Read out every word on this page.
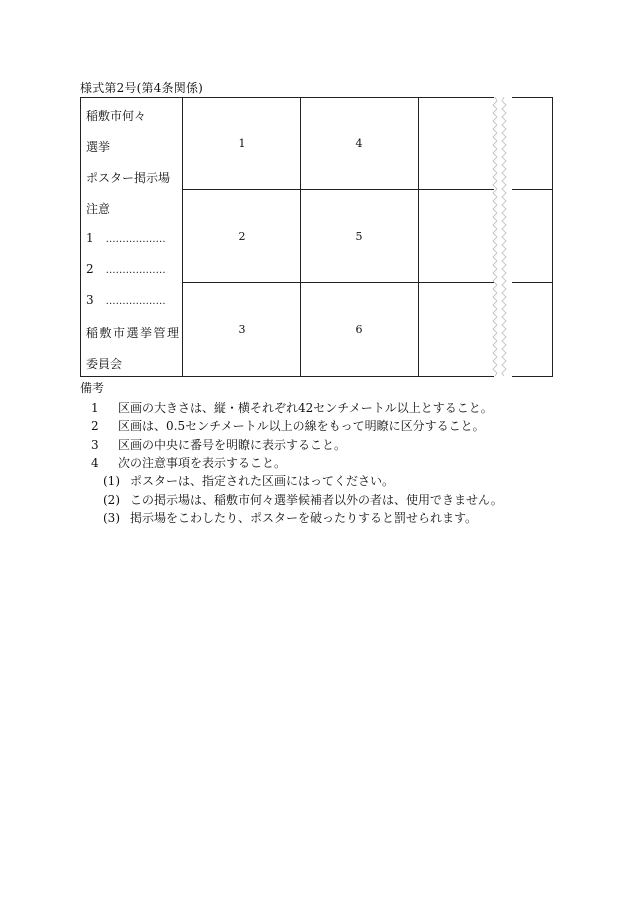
様式第2号(第4条関係)
1
2
3
4
5
6
稲敷市何々
選挙
ポスター掲示場
注意
1 ………………
2 ………………
3 ………………
稲敷市選挙管理
委員会
備考
1 区画の大きさは、縦・横それぞれ42センチメートル以上とすること。
2 区画は、0.5センチメートル以上の線をもって明瞭に区分すること。
3 区画の中央に番号を明瞭に表示すること。
4 次の注意事項を表示すること。
(1) ポスターは、指定された区画にはってください。
(2) この掲示場は、稲敷市何々選挙候補者以外の者は、使用できません。
(3) 掲示場をこわしたり、ポスターを破ったりすると罰せられます。
